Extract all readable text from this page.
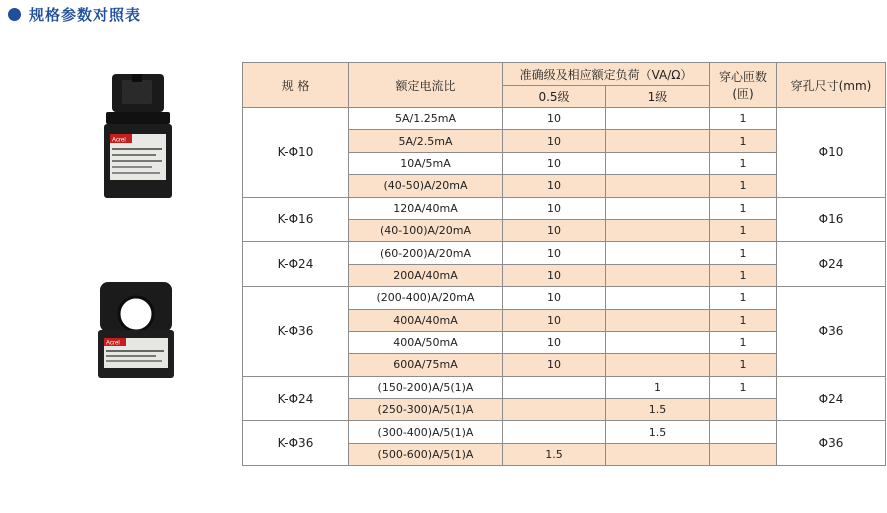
规格参数对照表
Acrel
Acrel
规 格	额定电流比	准确级及相应额定负荷（VA/Ω）		穿心匝数(匝)	穿孔尺寸(mm)
		0.5级	1级		
K-Φ10	5A/1.25mA	10		1	Φ10
	5A/2.5mA	10		1	
	10A/5mA	10		1	
	(40-50)A/20mA	10		1	
K-Φ16	120A/40mA	10		1	Φ16
	(40-100)A/20mA	10		1	
K-Φ24	(60-200)A/20mA	10		1	Φ24
	200A/40mA	10		1	
K-Φ36	(200-400)A/20mA	10		1	Φ36
	400A/40mA	10		1	
	400A/50mA	10		1	
	600A/75mA	10		1	
K-Φ24	(150-200)A/5(1)A		1	1	Φ24
	(250-300)A/5(1)A		1.5		
K-Φ36	(300-400)A/5(1)A		1.5		Φ36
	(500-600)A/5(1)A	1.5			
